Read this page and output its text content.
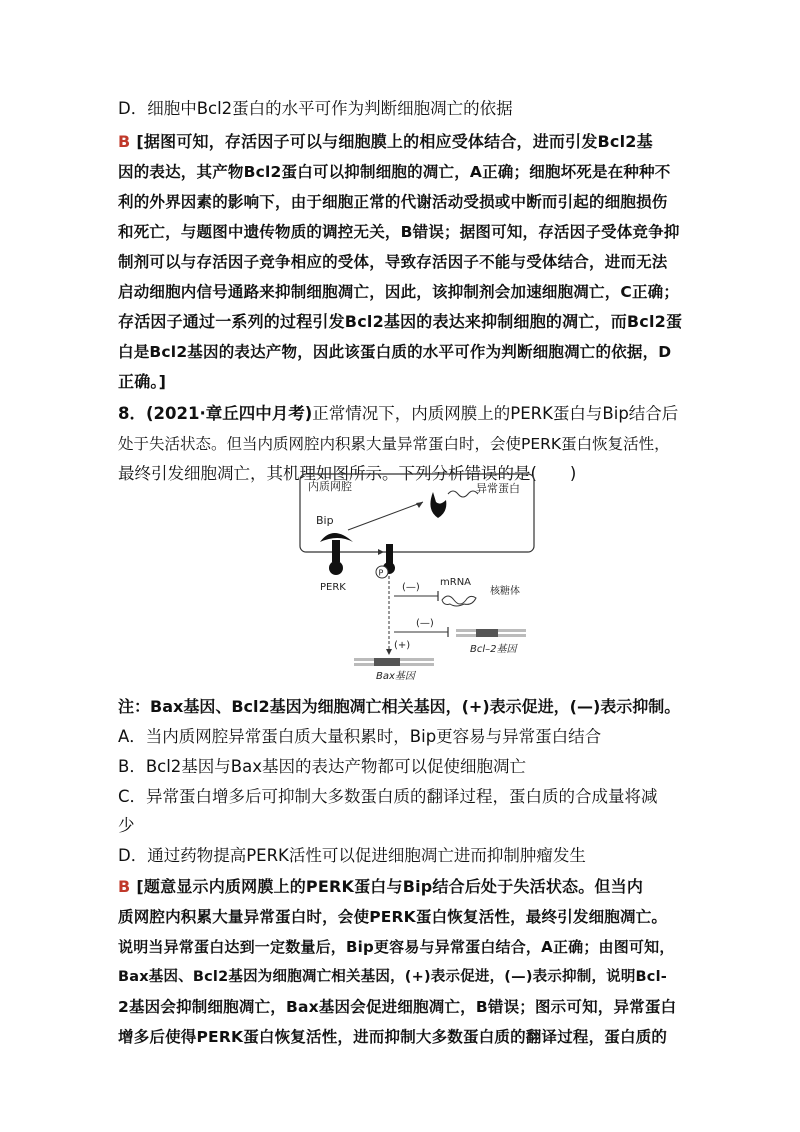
D．细胞中Bcl2蛋白的水平可作为判断细胞凋亡的依据
B [据图可知，存活因子可以与细胞膜上的相应受体结合，进而引发Bcl2基
因的表达，其产物Bcl2蛋白可以抑制细胞的凋亡，A正确；细胞坏死是在种种不
利的外界因素的影响下，由于细胞正常的代谢活动受损或中断而引起的细胞损伤
和死亡，与题图中遗传物质的调控无关，B错误；据图可知，存活因子受体竞争抑
制剂可以与存活因子竞争相应的受体，导致存活因子不能与受体结合，进而无法
启动细胞内信号通路来抑制细胞凋亡，因此，该抑制剂会加速细胞凋亡，C正确；
存活因子通过一系列的过程引发Bcl2基因的表达来抑制细胞的凋亡，而Bcl2蛋
白是Bcl2基因的表达产物，因此该蛋白质的水平可作为判断细胞凋亡的依据，D
正确。]
8．(2021·章丘四中月考)正常情况下，内质网膜上的PERK蛋白与Bip结合后
处于失活状态。但当内质网腔内积累大量异常蛋白时，会使PERK蛋白恢复活性，
最终引发细胞凋亡，其机理如图所示。下列分析错误的是(　　)
内质网腔	异常蛋白
Bip
PERK
P
(—) mRNA
核糖体
(—)
Bcl–2基因
(+)
Bax基因
注：Bax基因、Bcl2基因为细胞凋亡相关基因，(+)表示促进，(—)表示抑制。
A．当内质网腔异常蛋白质大量积累时，Bip更容易与异常蛋白结合
B．Bcl2基因与Bax基因的表达产物都可以促使细胞凋亡
C．异常蛋白增多后可抑制大多数蛋白质的翻译过程，蛋白质的合成量将减
少
D．通过药物提高PERK活性可以促进细胞凋亡进而抑制肿瘤发生
B [题意显示内质网膜上的PERK蛋白与Bip结合后处于失活状态。但当内
质网腔内积累大量异常蛋白时，会使PERK蛋白恢复活性，最终引发细胞凋亡。
说明当异常蛋白达到一定数量后，Bip更容易与异常蛋白结合，A正确；由图可知，
Bax基因、Bcl2基因为细胞凋亡相关基因，(+)表示促进，(—)表示抑制，说明Bcl-
2基因会抑制细胞凋亡，Bax基因会促进细胞凋亡，B错误；图示可知，异常蛋白
增多后使得PERK蛋白恢复活性，进而抑制大多数蛋白质的翻译过程，蛋白质的
